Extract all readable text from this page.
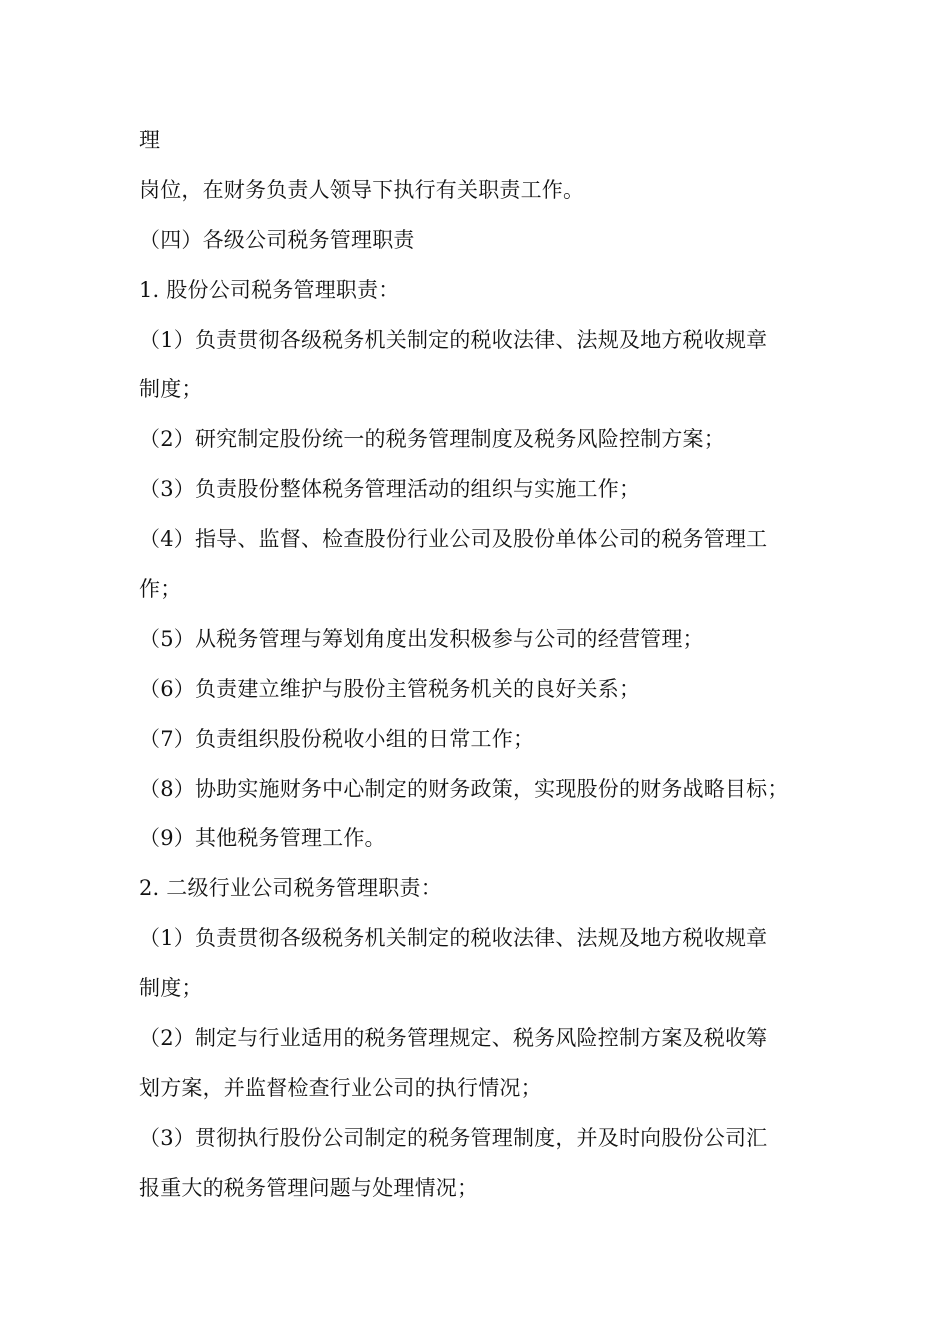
理

岗位，在财务负责人领导下执行有关职责工作。

（四）各级公司税务管理职责

1. 股份公司税务管理职责：

（1）负责贯彻各级税务机关制定的税收法律、法规及地方税收规章

制度；

（2）研究制定股份统一的税务管理制度及税务风险控制方案；

（3）负责股份整体税务管理活动的组织与实施工作；

（4）指导、监督、检查股份行业公司及股份单体公司的税务管理工

作；

（5）从税务管理与筹划角度出发积极参与公司的经营管理；

（6）负责建立维护与股份主管税务机关的良好关系；

（7）负责组织股份税收小组的日常工作；

（8）协助实施财务中心制定的财务政策，实现股份的财务战略目标；

（9）其他税务管理工作。

2. 二级行业公司税务管理职责：

（1）负责贯彻各级税务机关制定的税收法律、法规及地方税收规章

制度；

（2）制定与行业适用的税务管理规定、税务风险控制方案及税收筹

划方案，并监督检查行业公司的执行情况；

（3）贯彻执行股份公司制定的税务管理制度，并及时向股份公司汇

报重大的税务管理问题与处理情况；
